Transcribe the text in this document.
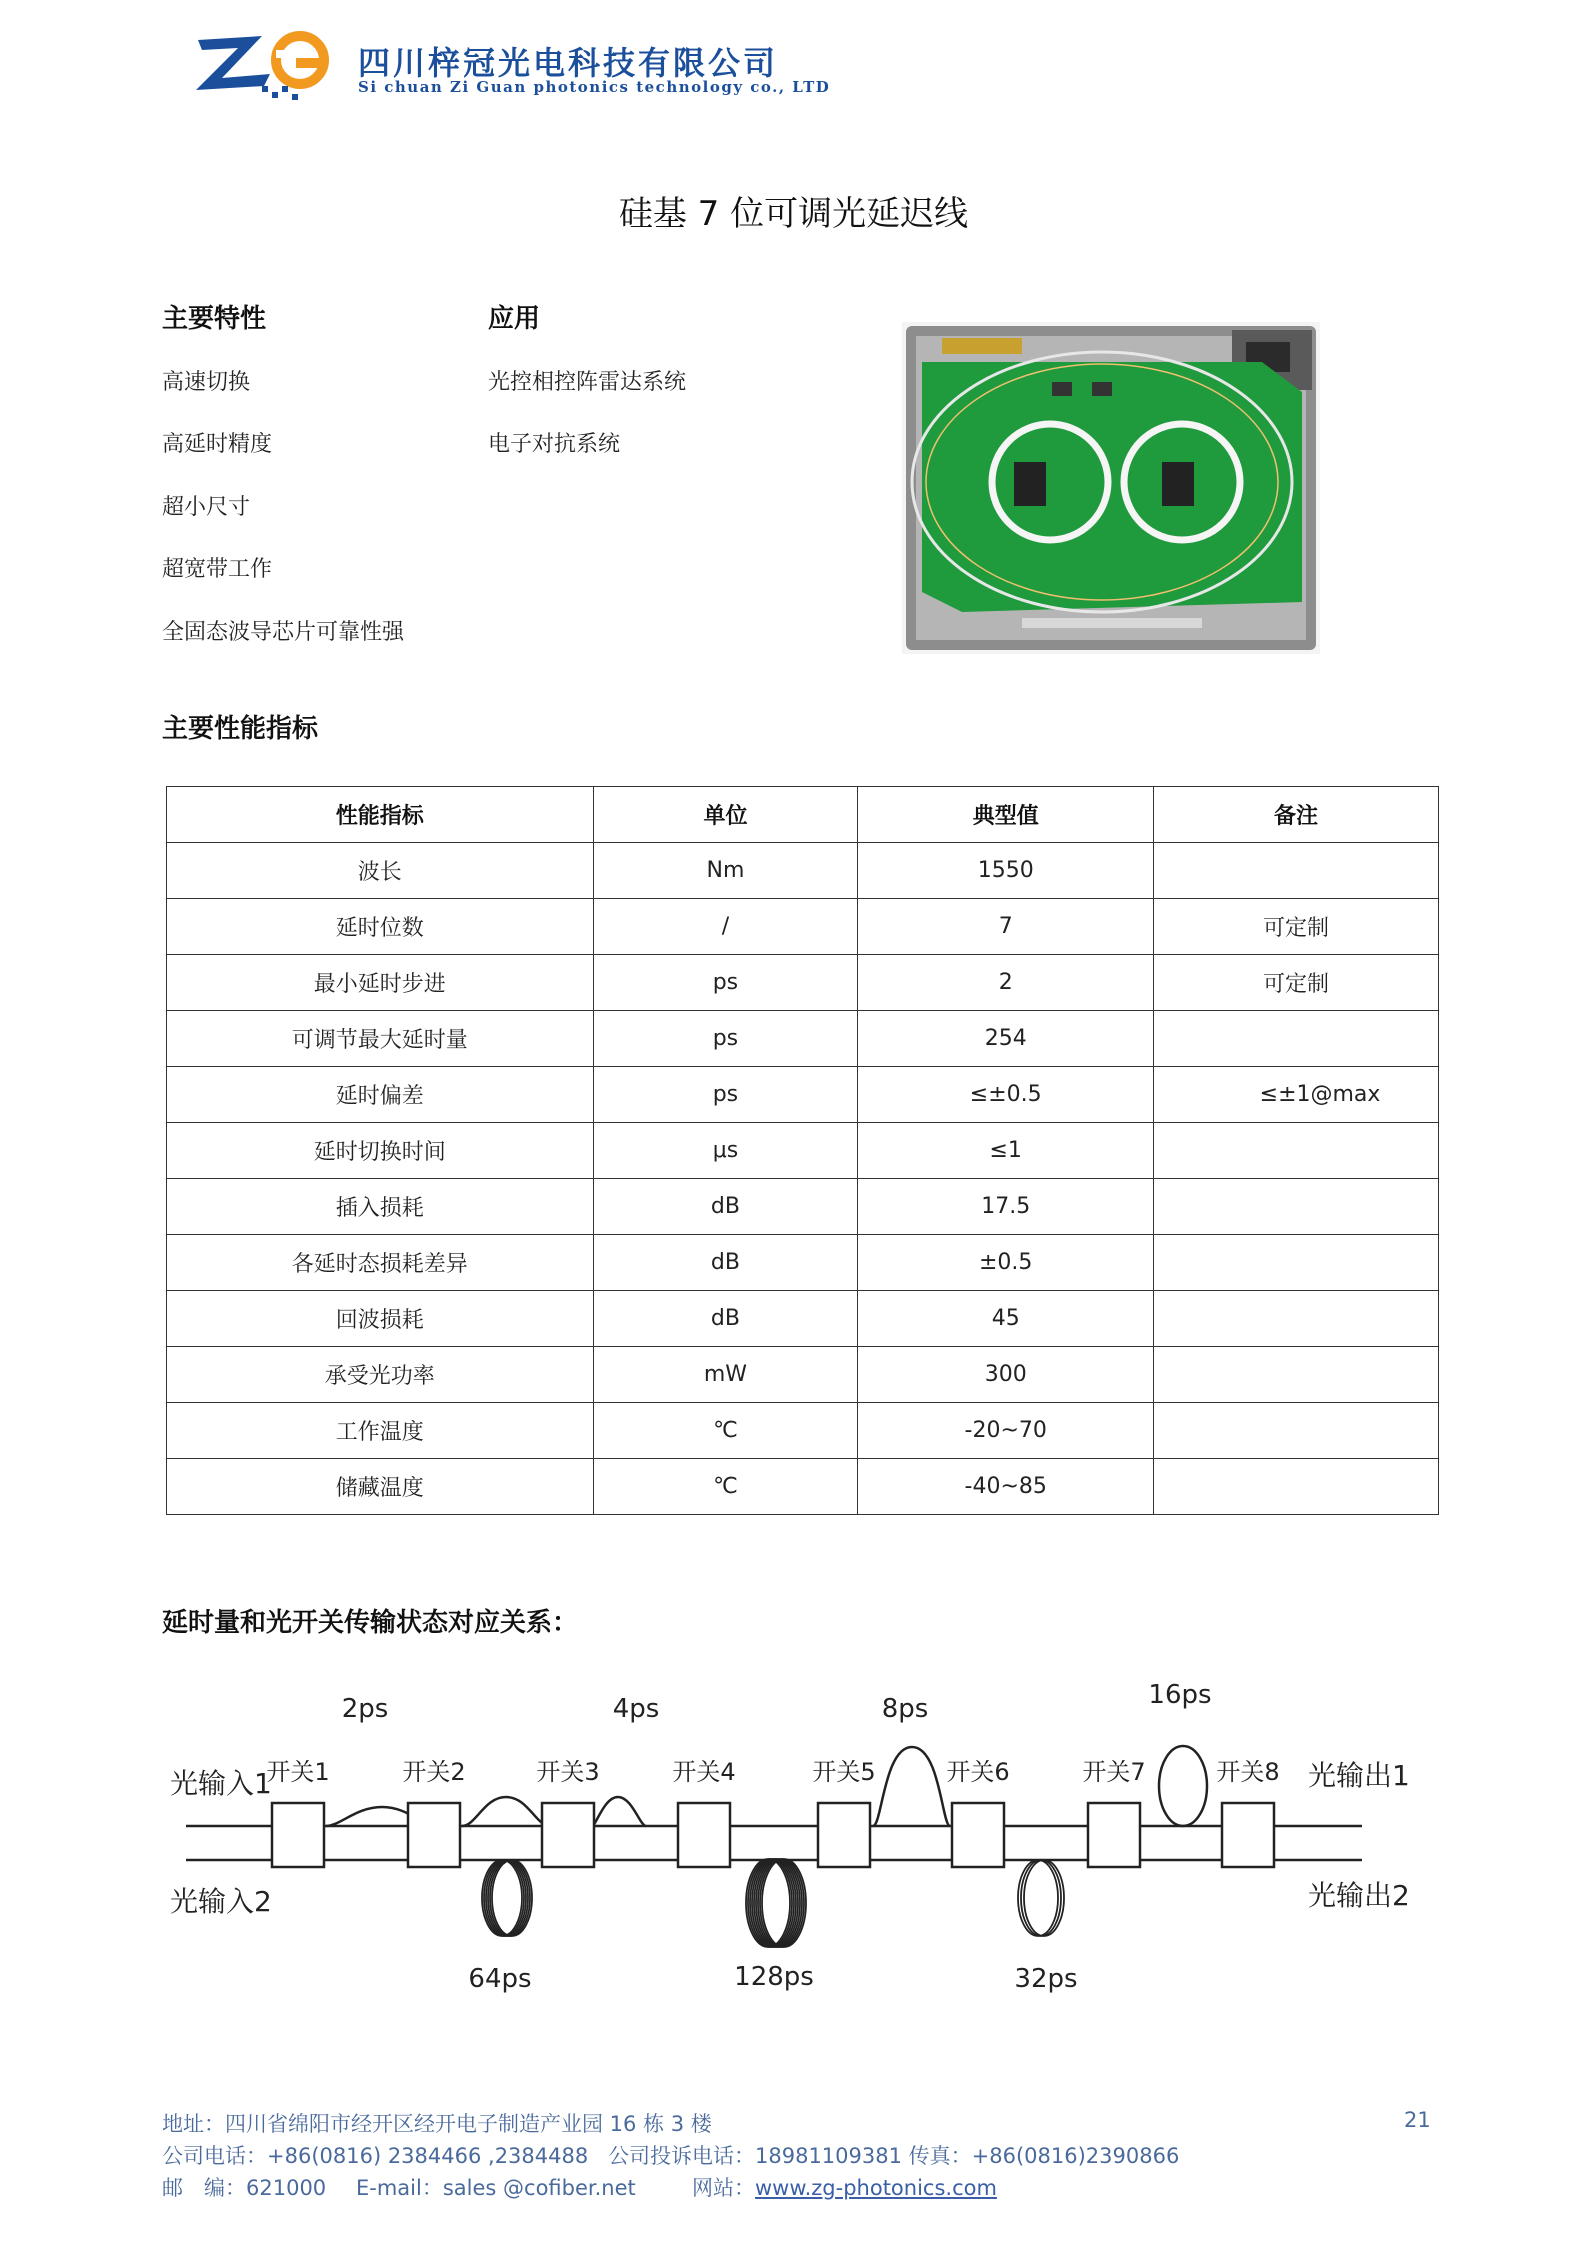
四川梓冠光电科技有限公司
Si chuan Zi Guan photonics technology co., LTD
硅基 7 位可调光延迟线
主要特性
高速切换
高延时精度
超小尺寸
超宽带工作
全固态波导芯片可靠性强
应用
光控相控阵雷达系统
电子对抗系统
主要性能指标
性能指标	单位	典型值	备注
波长	Nm	1550	
延时位数	/	7	可定制
最小延时步进	ps	2	可定制
可调节最大延时量	ps	254	
延时偏差	ps	≤±0.5	≤±1@max
延时切换时间	μs	≤1	
插入损耗	dB	17.5	
各延时态损耗差异	dB	±0.5	
回波损耗	dB	45	
承受光功率	mW	300	
工作温度	℃	-20~70	
储藏温度	℃	-40~85	
延时量和光开关传输状态对应关系：
开关1	开关2	开关3	开关4	开关5	开关6	开关7	开关8
2ps	4ps	8ps	16ps
64ps	128ps	32ps
光输入1
光输入2
光输出1
光输出2
地址：四川省绵阳市经开区经开电子制造产业园 16 栋 3 楼	21
公司电话：+86(0816) 2384466 ,2384488 公司投诉电话：18981109381 传真：+86(0816)2390866
邮　编：621000 E-mail：sales @cofiber.net	网站：www.zg-photonics.com
